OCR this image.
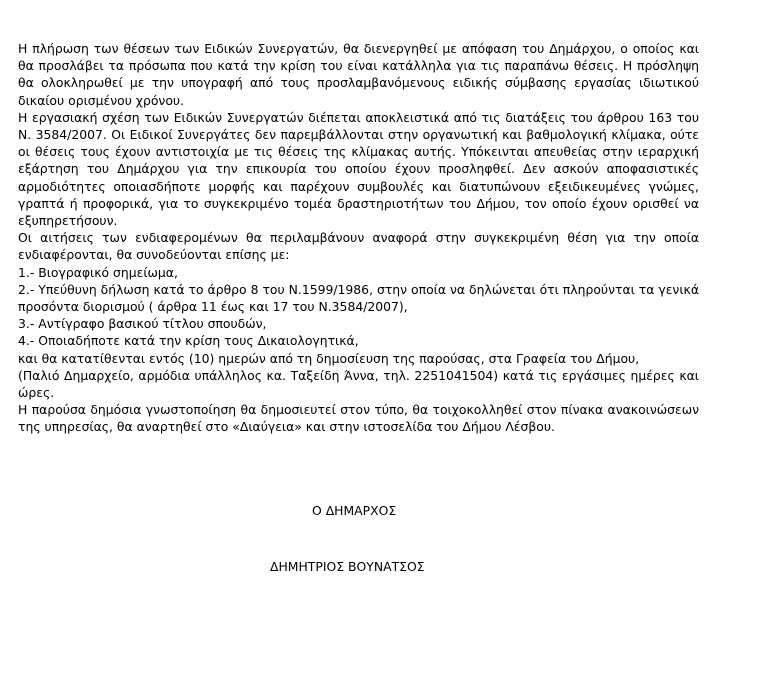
Η πλήρωση των θέσεων των Ειδικών Συνεργατών, θα διενεργηθεί με απόφαση του Δημάρχου, ο οποίος και θα προσλάβει τα πρόσωπα που κατά την κρίση του είναι κατάλληλα για τις παραπάνω θέσεις. Η πρόσληψη θα ολοκληρωθεί με την υπογραφή από τους προσλαμβανόμενους ειδικής σύμβασης εργασίας ιδιωτικού δικαίου ορισμένου χρόνου.

Η εργασιακή σχέση των Ειδικών Συνεργατών διέπεται αποκλειστικά από τις διατάξεις του άρθρου 163 του Ν. 3584/2007. Οι Ειδικοί Συνεργάτες δεν παρεμβάλλονται στην οργανωτική και βαθμολογική κλίμακα, ούτε οι θέσεις τους έχουν αντιστοιχία με τις θέσεις της κλίμακας αυτής. Υπόκεινται απευθείας στην ιεραρχική εξάρτηση του Δημάρχου για την επικουρία του οποίου έχουν προσληφθεί. Δεν ασκούν αποφασιστικές αρμοδιότητες οποιασδήποτε μορφής και παρέχουν συμβουλές και διατυπώνουν εξειδικευμένες γνώμες, γραπτά ή προφορικά, για το συγκεκριμένο τομέα δραστηριοτήτων του Δήμου, τον οποίο έχουν ορισθεί να εξυπηρετήσουν.

Οι αιτήσεις των ενδιαφερομένων θα περιλαμβάνουν αναφορά στην συγκεκριμένη θέση για την οποία ενδιαφέρονται, θα συνοδεύονται επίσης με:

1.- Βιογραφικό σημείωμα,

2.- Υπεύθυνη δήλωση κατά το άρθρο 8 του Ν.1599/1986, στην οποία να δηλώνεται ότι πληρούνται τα γενικά προσόντα διορισμού ( άρθρα 11 έως και 17 του Ν.3584/2007),

3.- Αντίγραφο βασικού τίτλου σπουδών,

4.- Οποιαδήποτε κατά την κρίση τους Δικαιολογητικά,

και θα κατατίθενται εντός (10) ημερών από τη δημοσίευση της παρούσας, στα Γραφεία του Δήμου,

(Παλιό Δημαρχείο, αρμόδια υπάλληλος κα. Ταξείδη Άννα, τηλ. 2251041504) κατά τις εργάσιμες ημέρες και ώρες.

Η παρούσα δημόσια γνωστοποίηση θα δημοσιευτεί στον τύπο, θα τοιχοκολληθεί στον πίνακα ανακοινώσεων της υπηρεσίας, θα αναρτηθεί στο «Διαύγεια» και στην ιστοσελίδα του Δήμου Λέσβου.

Ο ΔΗΜΑΡΧΟΣ
ΔΗΜΗΤΡΙΟΣ ΒΟΥΝΑΤΣΟΣ
